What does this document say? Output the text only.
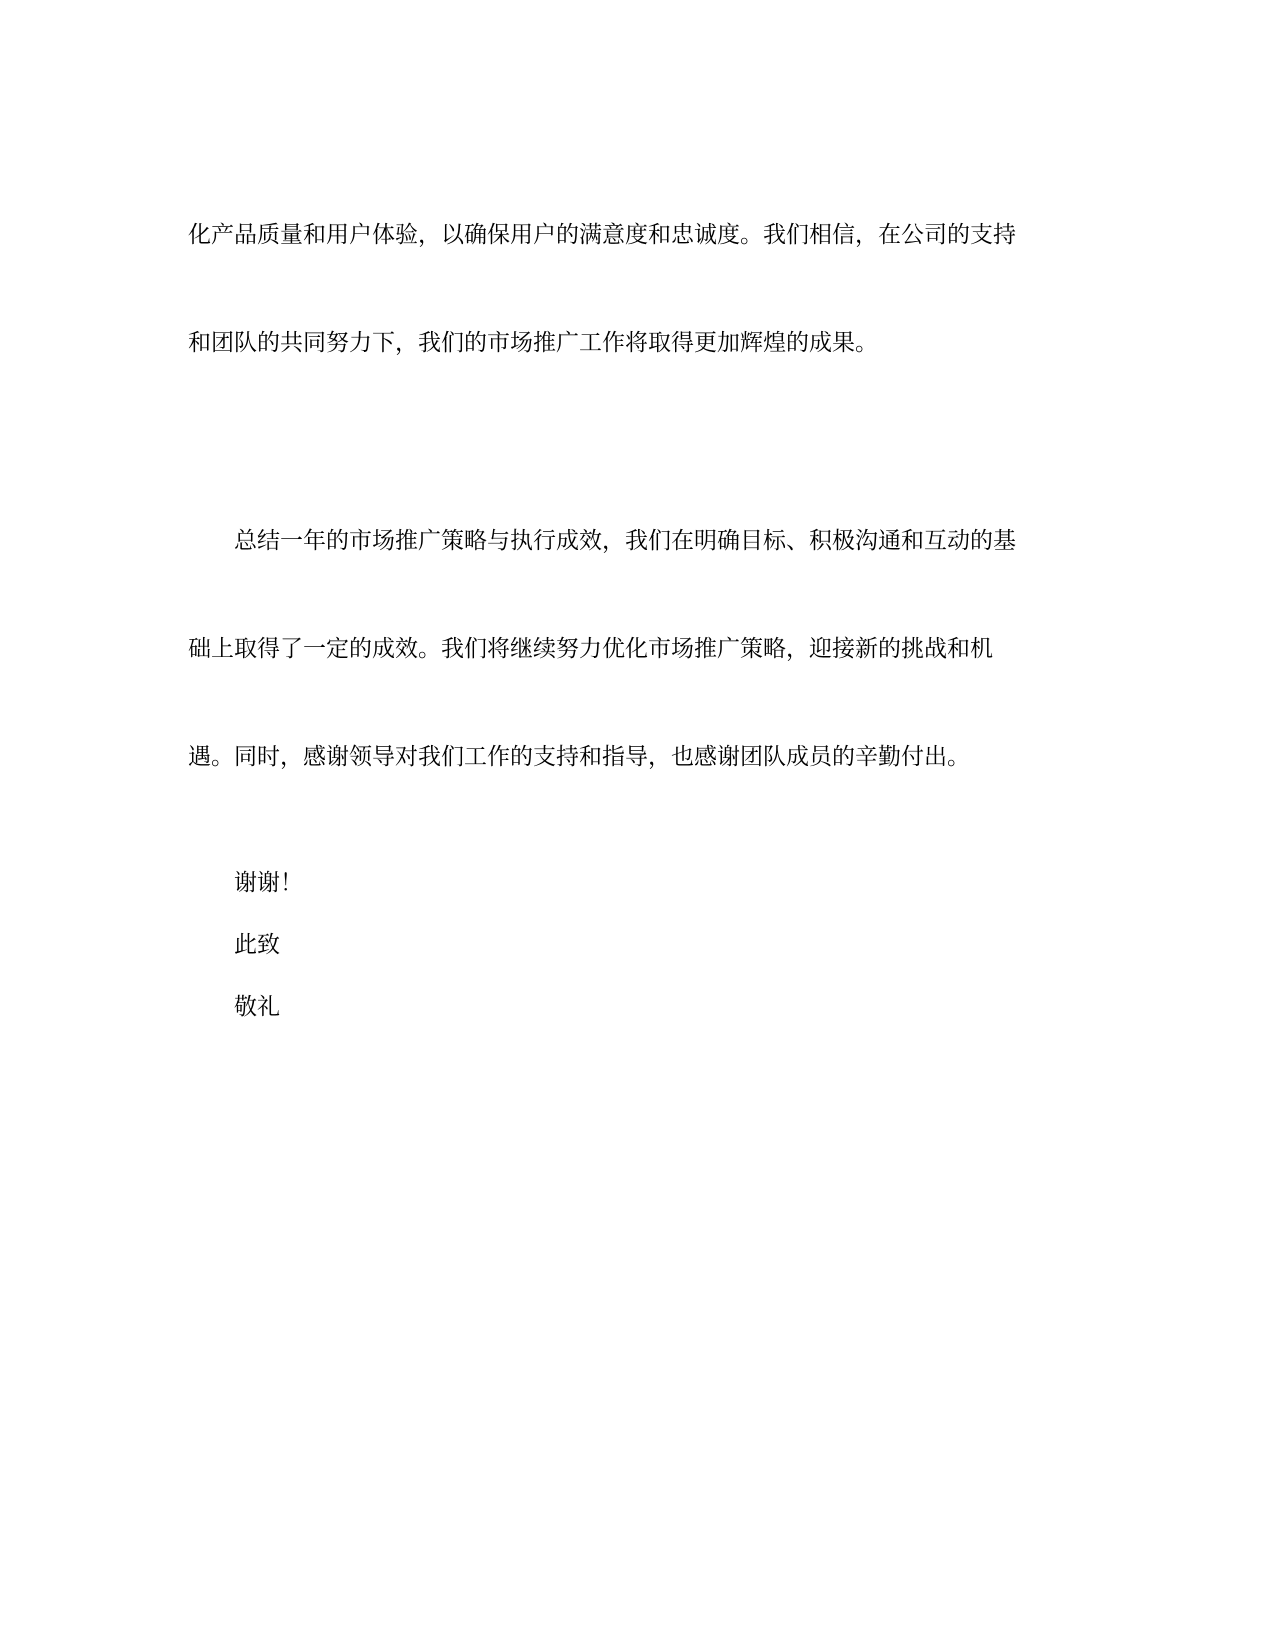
化产品质量和用户体验，以确保用户的满意度和忠诚度。我们相信，在公司的支持

和团队的共同努力下，我们的市场推广工作将取得更加辉煌的成果。

总结一年的市场推广策略与执行成效，我们在明确目标、积极沟通和互动的基

础上取得了一定的成效。我们将继续努力优化市场推广策略，迎接新的挑战和机

遇。同时，感谢领导对我们工作的支持和指导，也感谢团队成员的辛勤付出。

谢谢！
此致
敬礼
